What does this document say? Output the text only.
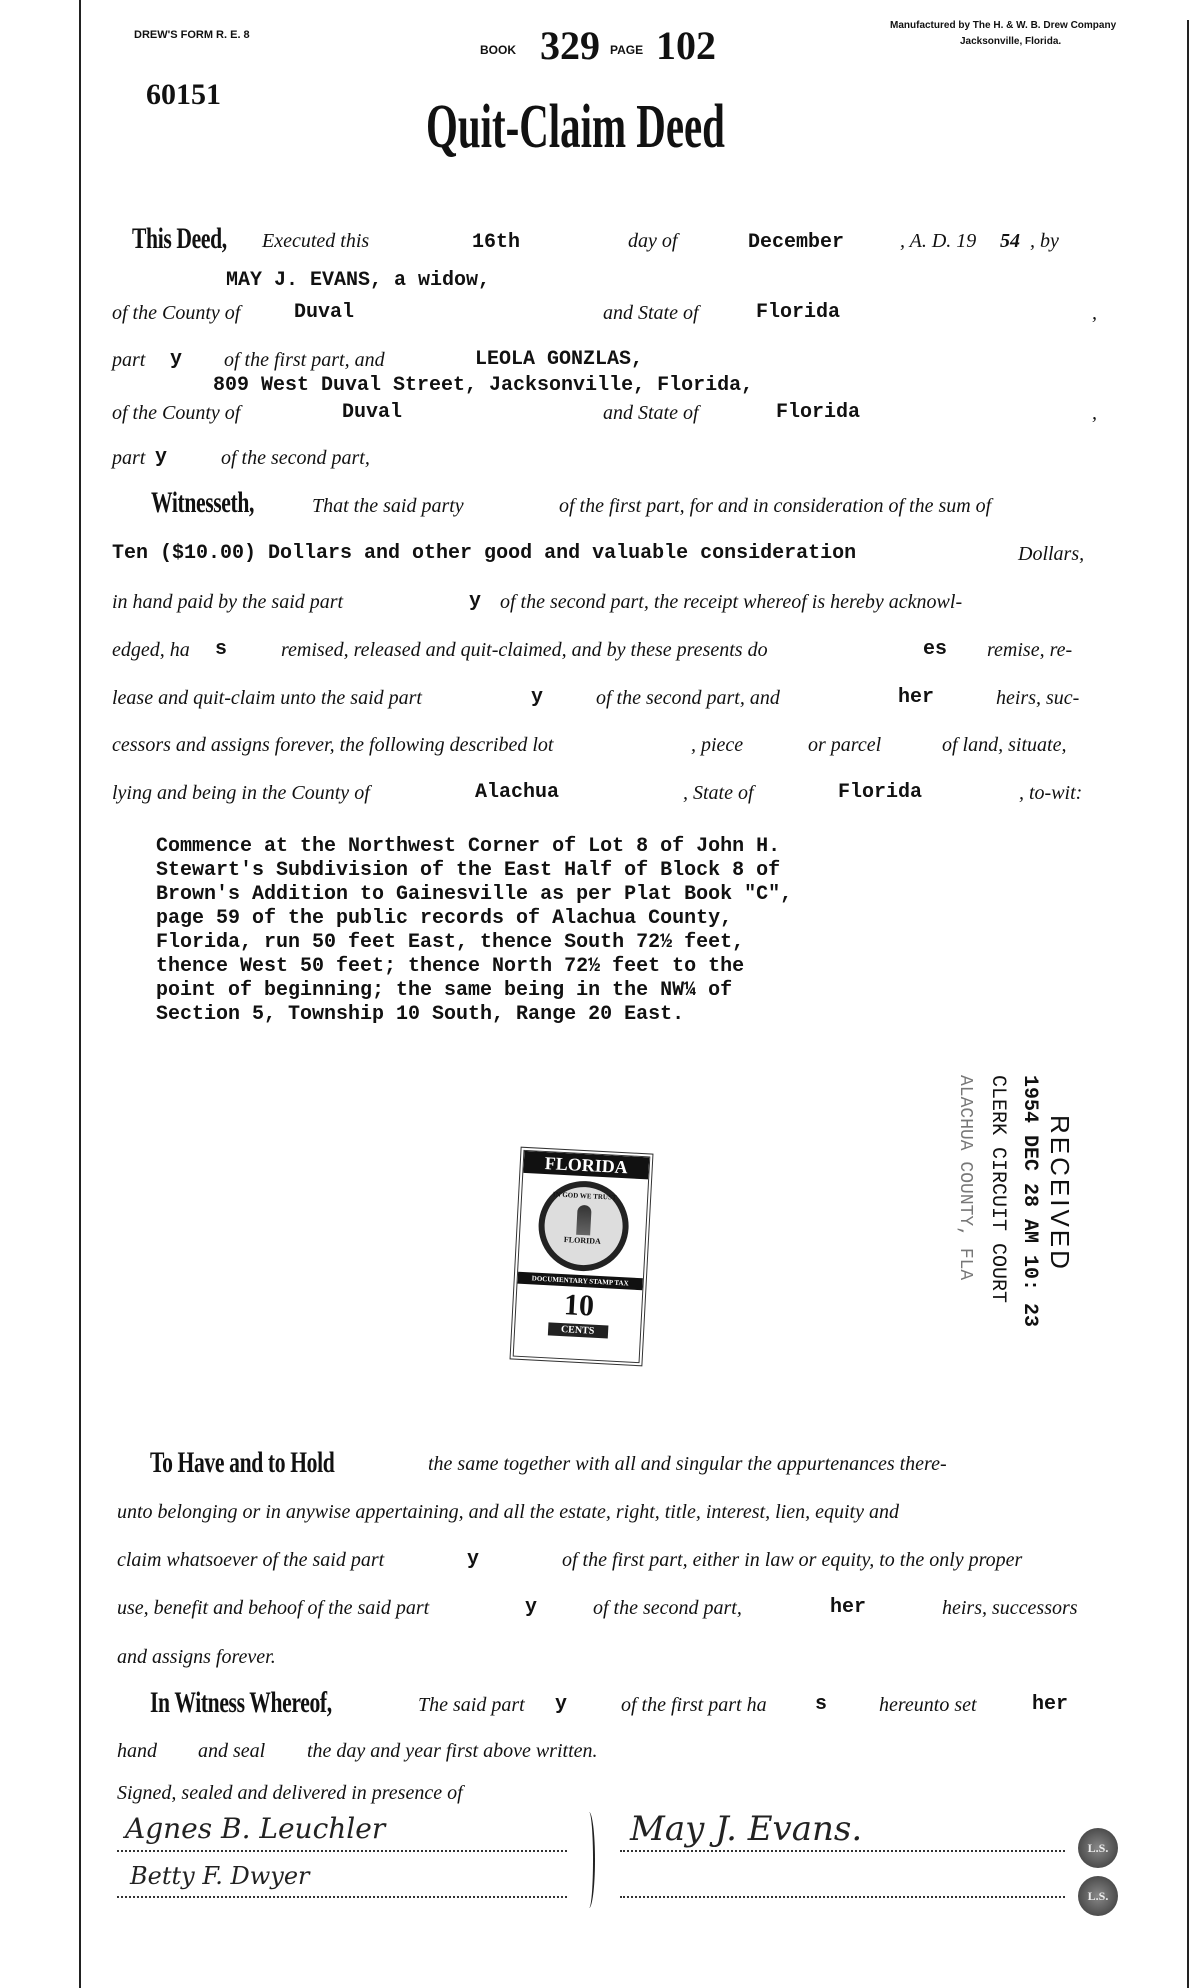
DREW'S FORM R. E. 8
BOOK 329 PAGE 102	Manufactured by The H. & W. B. Drew Company
Jacksonville, Florida.
60151	Quit-Claim Deed
This Deed, Executed this	16th	day of	December	, A. D. 19 54 , by
MAY J. EVANS, a widow,
of the County of	Duval	and State of	Florida	,
part y of the first part, and	LEOLA GONZLAS,
809 West Duval Street, Jacksonville, Florida,
of the County of	Duval	and State of	Florida	,
part y	of the second part,
Witnesseth,	That the said party	of the first part, for and in consideration of the sum of
Ten ($10.00) Dollars and other good and valuable consideration	Dollars,
in hand paid by the said part	y of the second part, the receipt whereof is hereby acknowl-
edged, ha s	remised, released and quit-claimed, and by these presents do	es remise, re-
lease and quit-claim unto the said part	y	of the second part, and	her	heirs, suc-
cessors and assigns forever, the following described lot	, piece	or parcel	of land, situate,
lying and being in the County of	Alachua	, State of	Florida	, to-wit:
Commence at the Northwest Corner of Lot 8 of John H.
Stewart's Subdivision of the East Half of Block 8 of
Brown's Addition to Gainesville as per Plat Book "C",
page 59 of the public records of Alachua County,
Florida, run 50 feet East, thence South 72½ feet,
thence West 50 feet; thence North 72½ feet to the
point of beginning; the same being in the NW¼ of
Section 5, Township 10 South, Range 20 East.
FLORIDA
IN GOD WE TRUST
FLORIDA
DOCUMENTARY STAMP TAX
10
CENTS
RECEIVED
1954 DEC 28 AM 10: 23
CLERK CIRCUIT COURT
ALACHUA COUNTY, FLA
To Have and to Hold	the same together with all and singular the appurtenances there-
unto belonging or in anywise appertaining, and all the estate, right, title, interest, lien, equity and
claim whatsoever of the said part	y	of the first part, either in law or equity, to the only proper
use, benefit and behoof of the said part	y	of the second part,	her	heirs, successors
and assigns forever.
In Witness Whereof,	The said part y	of the first part ha s	hereunto set	her
hand and seal the day and year first above written.
Signed, sealed and delivered in presence of
Agnes B. Leuchler
Betty F. Dwyer
May J. Evans.	L.S.
L.S.
